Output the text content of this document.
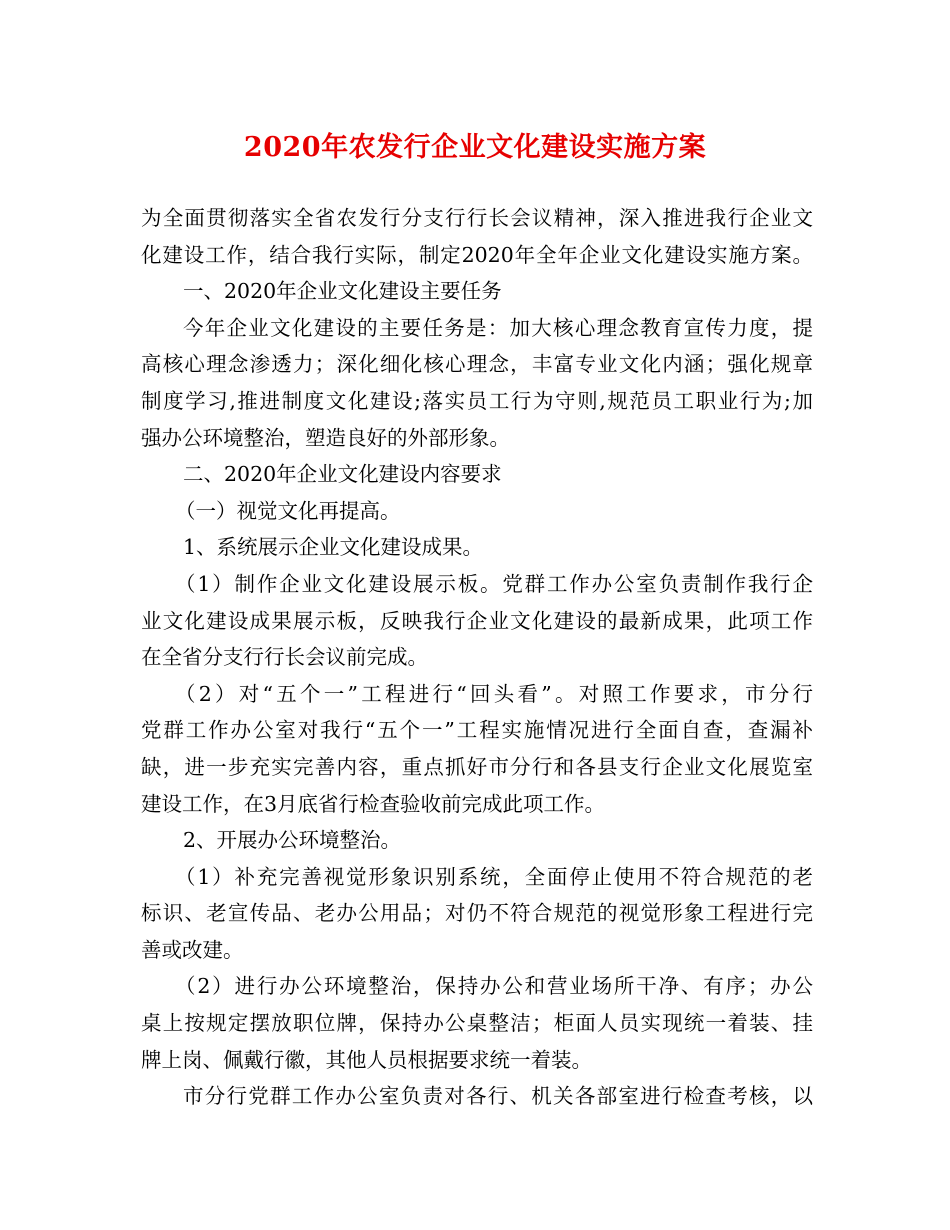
2020年农发行企业文化建设实施方案
为全面贯彻落实全省农发行分支行行长会议精神，深入推进我行企业文
化建设工作，结合我行实际，制定2020年全年企业文化建设实施方案。
一、2020年企业文化建设主要任务
今年企业文化建设的主要任务是：加大核心理念教育宣传力度，提
高核心理念渗透力；深化细化核心理念，丰富专业文化内涵；强化规章
制度学习,推进制度文化建设;落实员工行为守则,规范员工职业行为;加
强办公环境整治，塑造良好的外部形象。
二、2020年企业文化建设内容要求
（一）视觉文化再提高。
1、系统展示企业文化建设成果。
（1）制作企业文化建设展示板。党群工作办公室负责制作我行企
业文化建设成果展示板，反映我行企业文化建设的最新成果，此项工作
在全省分支行行长会议前完成。
（2）对“五个一”工程进行“回头看”。对照工作要求，市分行
党群工作办公室对我行“五个一”工程实施情况进行全面自查，查漏补
缺，进一步充实完善内容，重点抓好市分行和各县支行企业文化展览室
建设工作，在3月底省行检查验收前完成此项工作。
2、开展办公环境整治。
（1）补充完善视觉形象识别系统，全面停止使用不符合规范的老
标识、老宣传品、老办公用品；对仍不符合规范的视觉形象工程进行完
善或改建。
（2）进行办公环境整治，保持办公和营业场所干净、有序；办公
桌上按规定摆放职位牌，保持办公桌整洁；柜面人员实现统一着装、挂
牌上岗、佩戴行徽，其他人员根据要求统一着装。
市分行党群工作办公室负责对各行、机关各部室进行检查考核，以
